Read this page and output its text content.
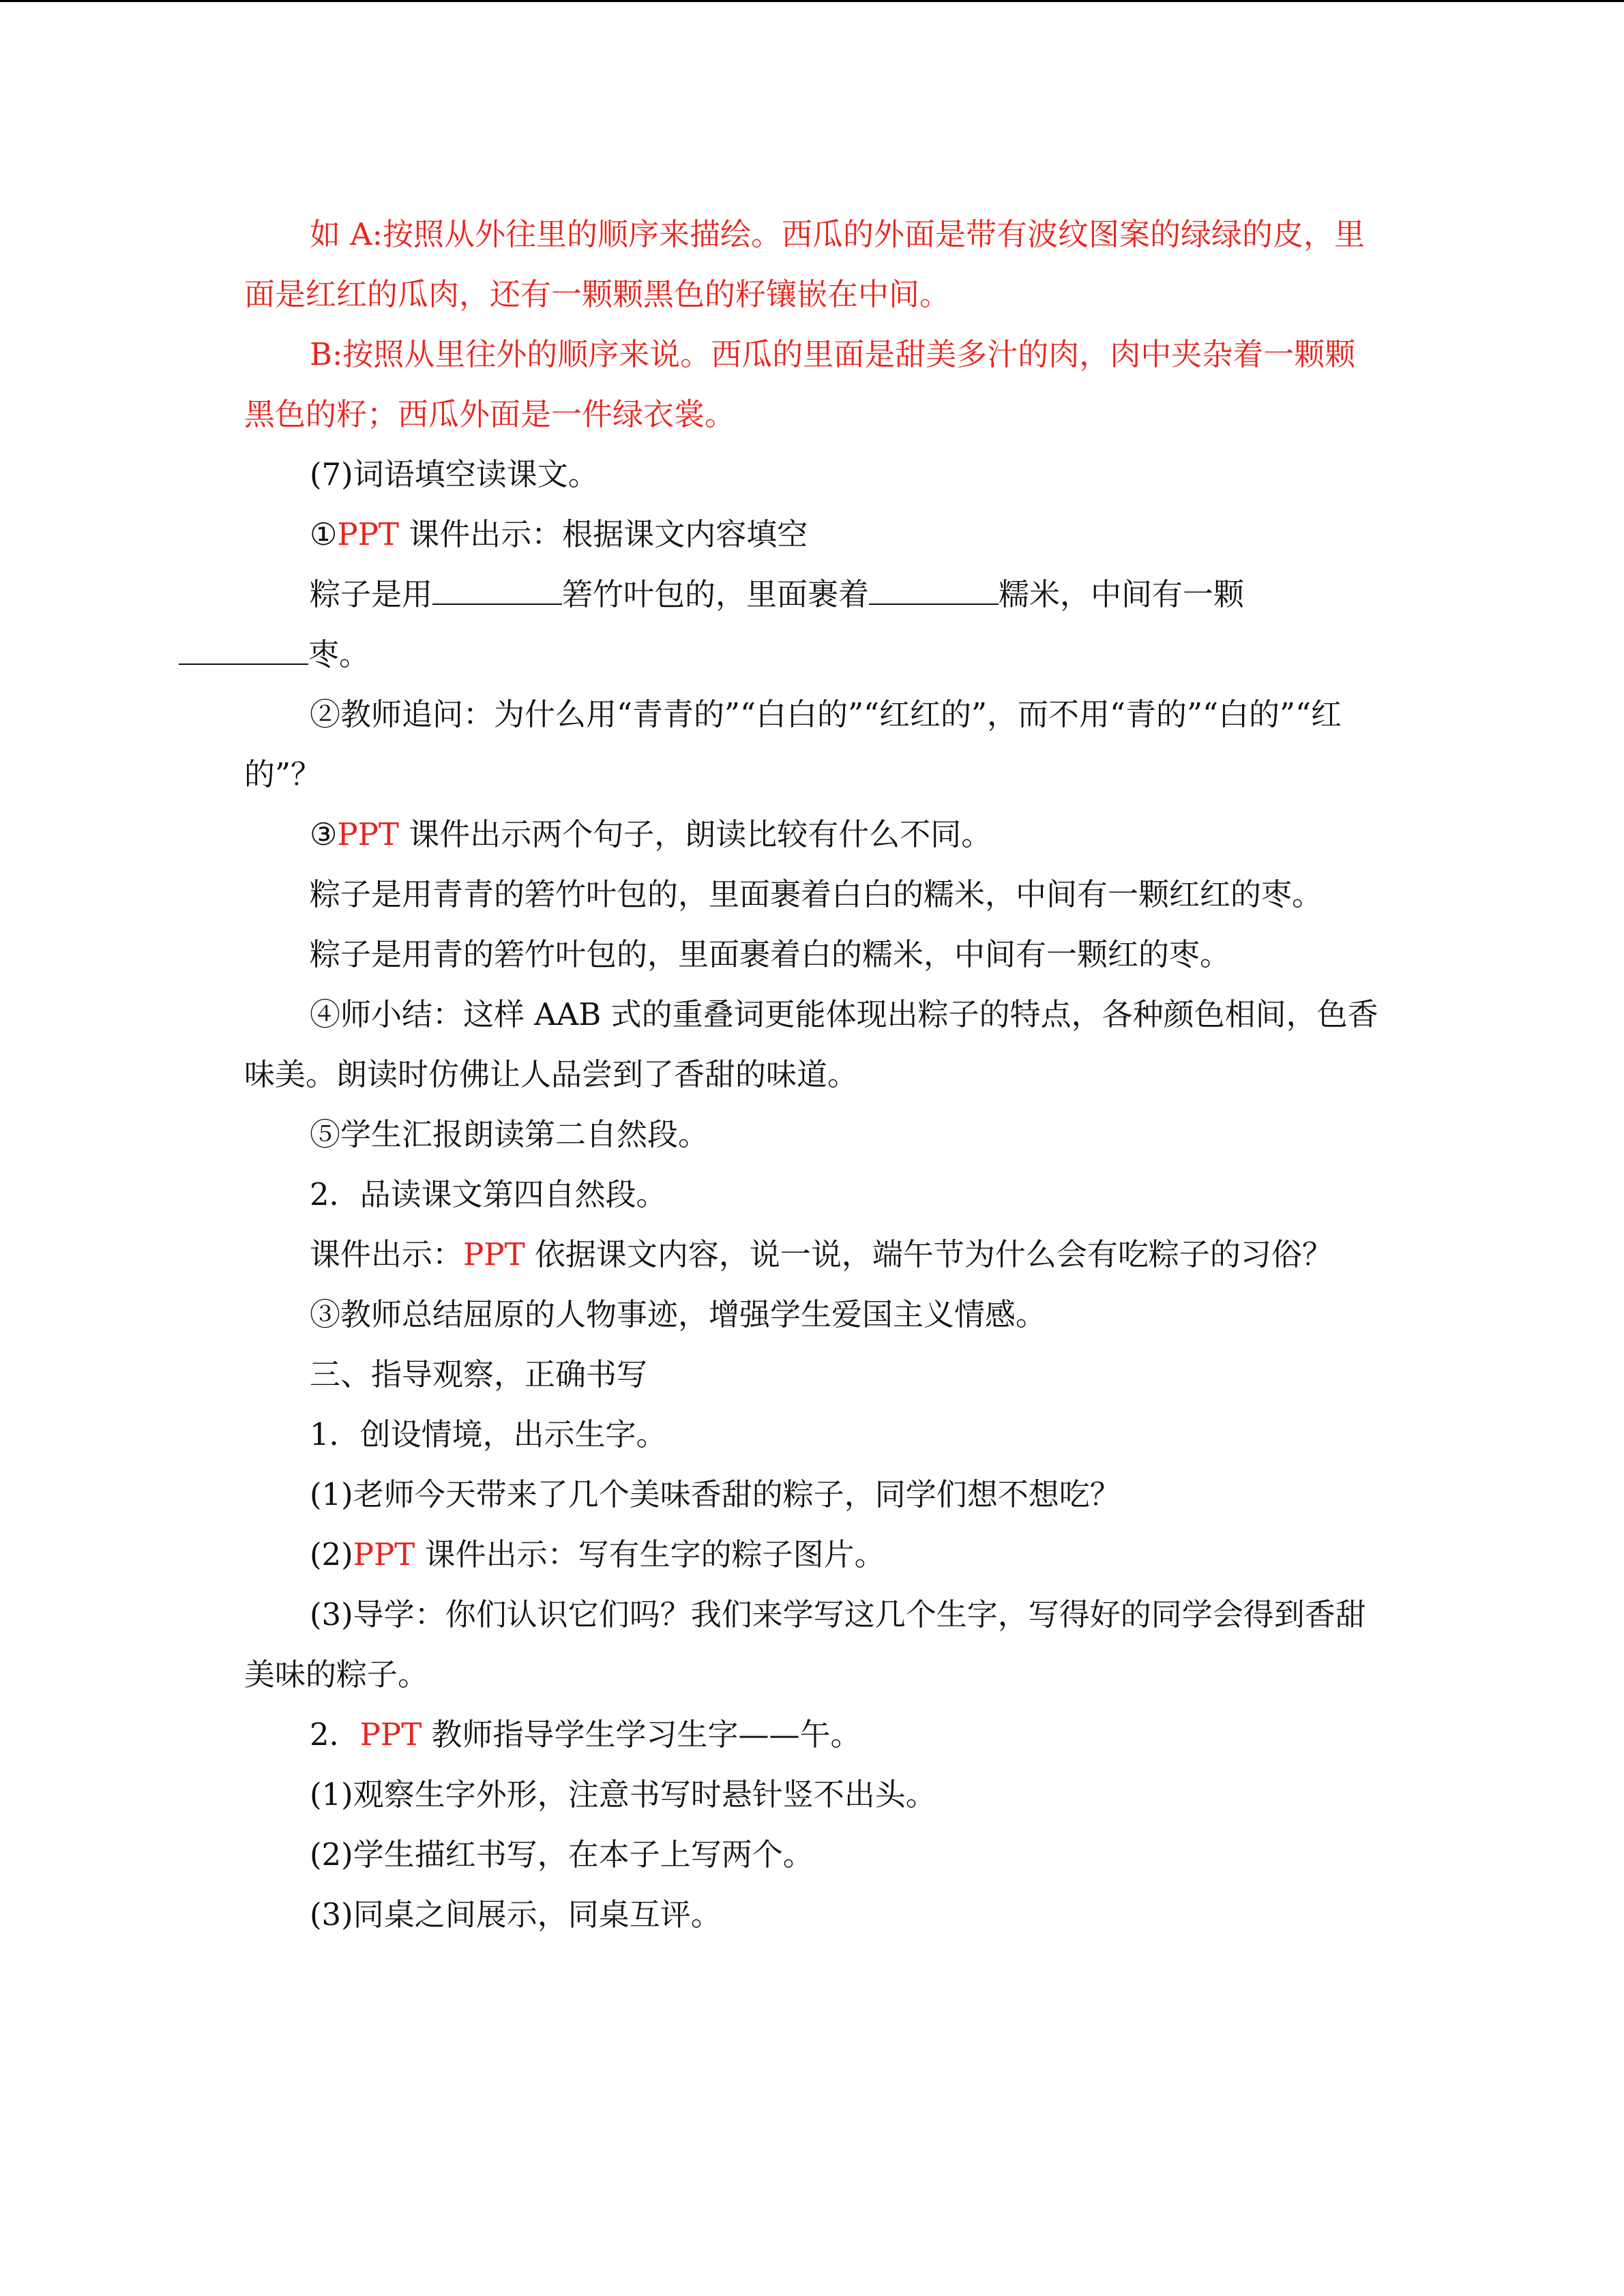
如 A:按照从外往里的顺序来描绘。西瓜的外面是带有波纹图案的绿绿的皮，里面是红红的瓜肉，还有一颗颗黑色的籽镶嵌在中间。

B:按照从里往外的顺序来说。西瓜的里面是甜美多汁的肉，肉中夹杂着一颗颗黑色的籽；西瓜外面是一件绿衣裳。

(7)词语填空读课文。

①PPT 课件出示：根据课文内容填空

粽子是用	箬竹叶包的，里面裹着	糯米，中间有一颗
枣。

②教师追问：为什么用“青青的”“白白的”“红红的”，而不用“青的”“白的”“红的”？

③PPT 课件出示两个句子，朗读比较有什么不同。

粽子是用青青的箬竹叶包的，里面裹着白白的糯米，中间有一颗红红的枣。

粽子是用青的箬竹叶包的，里面裹着白的糯米，中间有一颗红的枣。

④师小结：这样 AAB 式的重叠词更能体现出粽子的特点，各种颜色相间，色香味美。朗读时仿佛让人品尝到了香甜的味道。

⑤学生汇报朗读第二自然段。

2．品读课文第四自然段。

课件出示：PPT 依据课文内容，说一说，端午节为什么会有吃粽子的习俗？

③教师总结屈原的人物事迹，增强学生爱国主义情感。

三、指导观察，正确书写

1．创设情境，出示生字。

(1)老师今天带来了几个美味香甜的粽子，同学们想不想吃？

(2)PPT 课件出示：写有生字的粽子图片。

(3)导学：你们认识它们吗？我们来学写这几个生字，写得好的同学会得到香甜美味的粽子。

2．PPT 教师指导学生学习生字——午。

(1)观察生字外形，注意书写时悬针竖不出头。

(2)学生描红书写，在本子上写两个。

(3)同桌之间展示，同桌互评。
